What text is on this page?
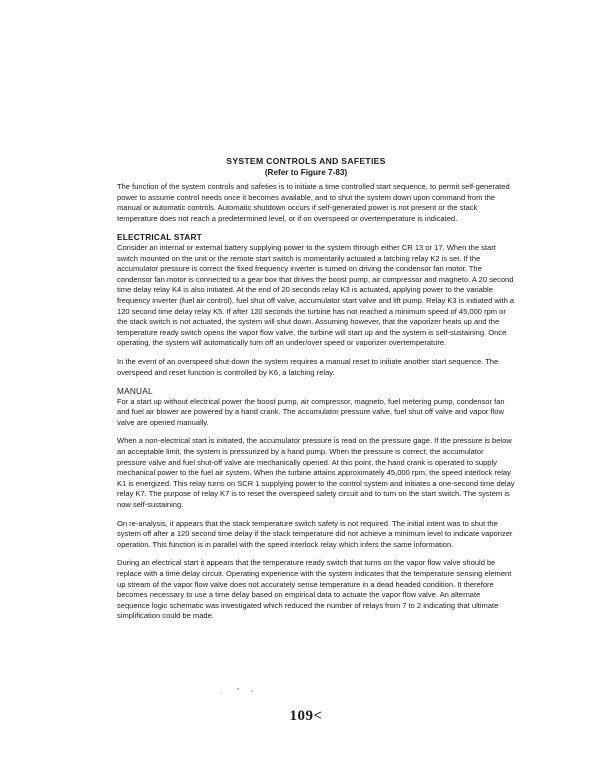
SYSTEM CONTROLS AND SAFETIES
(Refer to Figure 7-83)

The function of the system controls and safeties is to initiate a time controlled start sequence, to permit self-generated power to assume control needs once it becomes available, and to shut the system down upon command from the manual or automatic controls. Automatic shutdown occurs if self-generated power is not present or the stack temperature does not reach a predetermined level, or if on overspeed or overtemperature is indicated.

ELECTRICAL START

Consider an internal or external battery supplying power to the system through either CR 13 or 17. When the start switch mounted on the unit or the remote start switch is momentarily actuated a latching relay K2 is set. If the accumulator pressure is correct the fixed frequency inverter is turned on driving the condensor fan motor. The condensor fan motor is connected to a gear box that drives the boost pump, air compressor and magneto. A 20 second time delay relay K4 is also initiated. At the end of 20 seconds relay K3 is actuated, applying power to the variable frequency inverter (fuel air control), fuel shut off valve, accumulator start valve and lift pump. Relay K3 is initiated with a 120 second time delay relay K5. If after 120 seconds the turbine has not reached a minimum speed of 45,000 rpm or the stack switch is not actuated, the system will shut down. Assuming however, that the vaporizer heats up and the temperature ready switch opens the vapor flow valve, the turbine will start up and the system is self-sustaining. Once operating, the system will automatically turn off an under/over speed or vaporizer overtemperature.

In the event of an overspeed shut-down the system requires a manual reset to initiate another start sequence. The overspeed and reset function is controlled by K6, a latching relay.

MANUAL

For a start up without electrical power the boost pump, air compressor, magneto, fuel metering pump, condensor fan and fuel air blower are powered by a hand crank. The accumulator pressure valve, fuel shut off valve and vapor flow valve are opened manually.

When a non-electrical start is initiated, the accumulator pressure is read on the pressure gage. If the pressure is below an acceptable limit, the system is pressurized by a hand pump. When the pressure is correct, the accumulator pressure valve and fuel shut-off valve are mechanically opened. At this point, the hand crank is operated to supply mechanical power to the fuel air system. When the turbine attains approximately 45,000 rpm, the speed interlock relay K1 is energized. This relay turns on SCR 1 supplying power to the control system and initiates a one-second time delay relay K7. The purpose of relay K7 is to reset the overspeed safety circuit and to turn on the start switch. The system is now self-sustaining.

On re-analysis, it appears that the stack temperature switch safety is not required. The initial intent was to shut the system off after a 120 second time delay if the stack temperature did not achieve a minimum level to indicate vaporizer operation. This function is in parallel with the speed interlock relay which infers the same information.

During an electrical start it appears that the temperature ready switch that turns on the vapor flow valve should be replace with a time delay circuit. Operating experience with the system indicates that the temperature sensing element up stream of the vapor flow valve does not accurately sense temperature in a dead headed condition. It therefore becomes necessary to use a time delay based on empirical data to actuate the vapor flow valve. An alternate sequence logic schematic was investigated which reduced the number of relays from 7 to 2 indicating that ultimate simplification could be made.

109<
